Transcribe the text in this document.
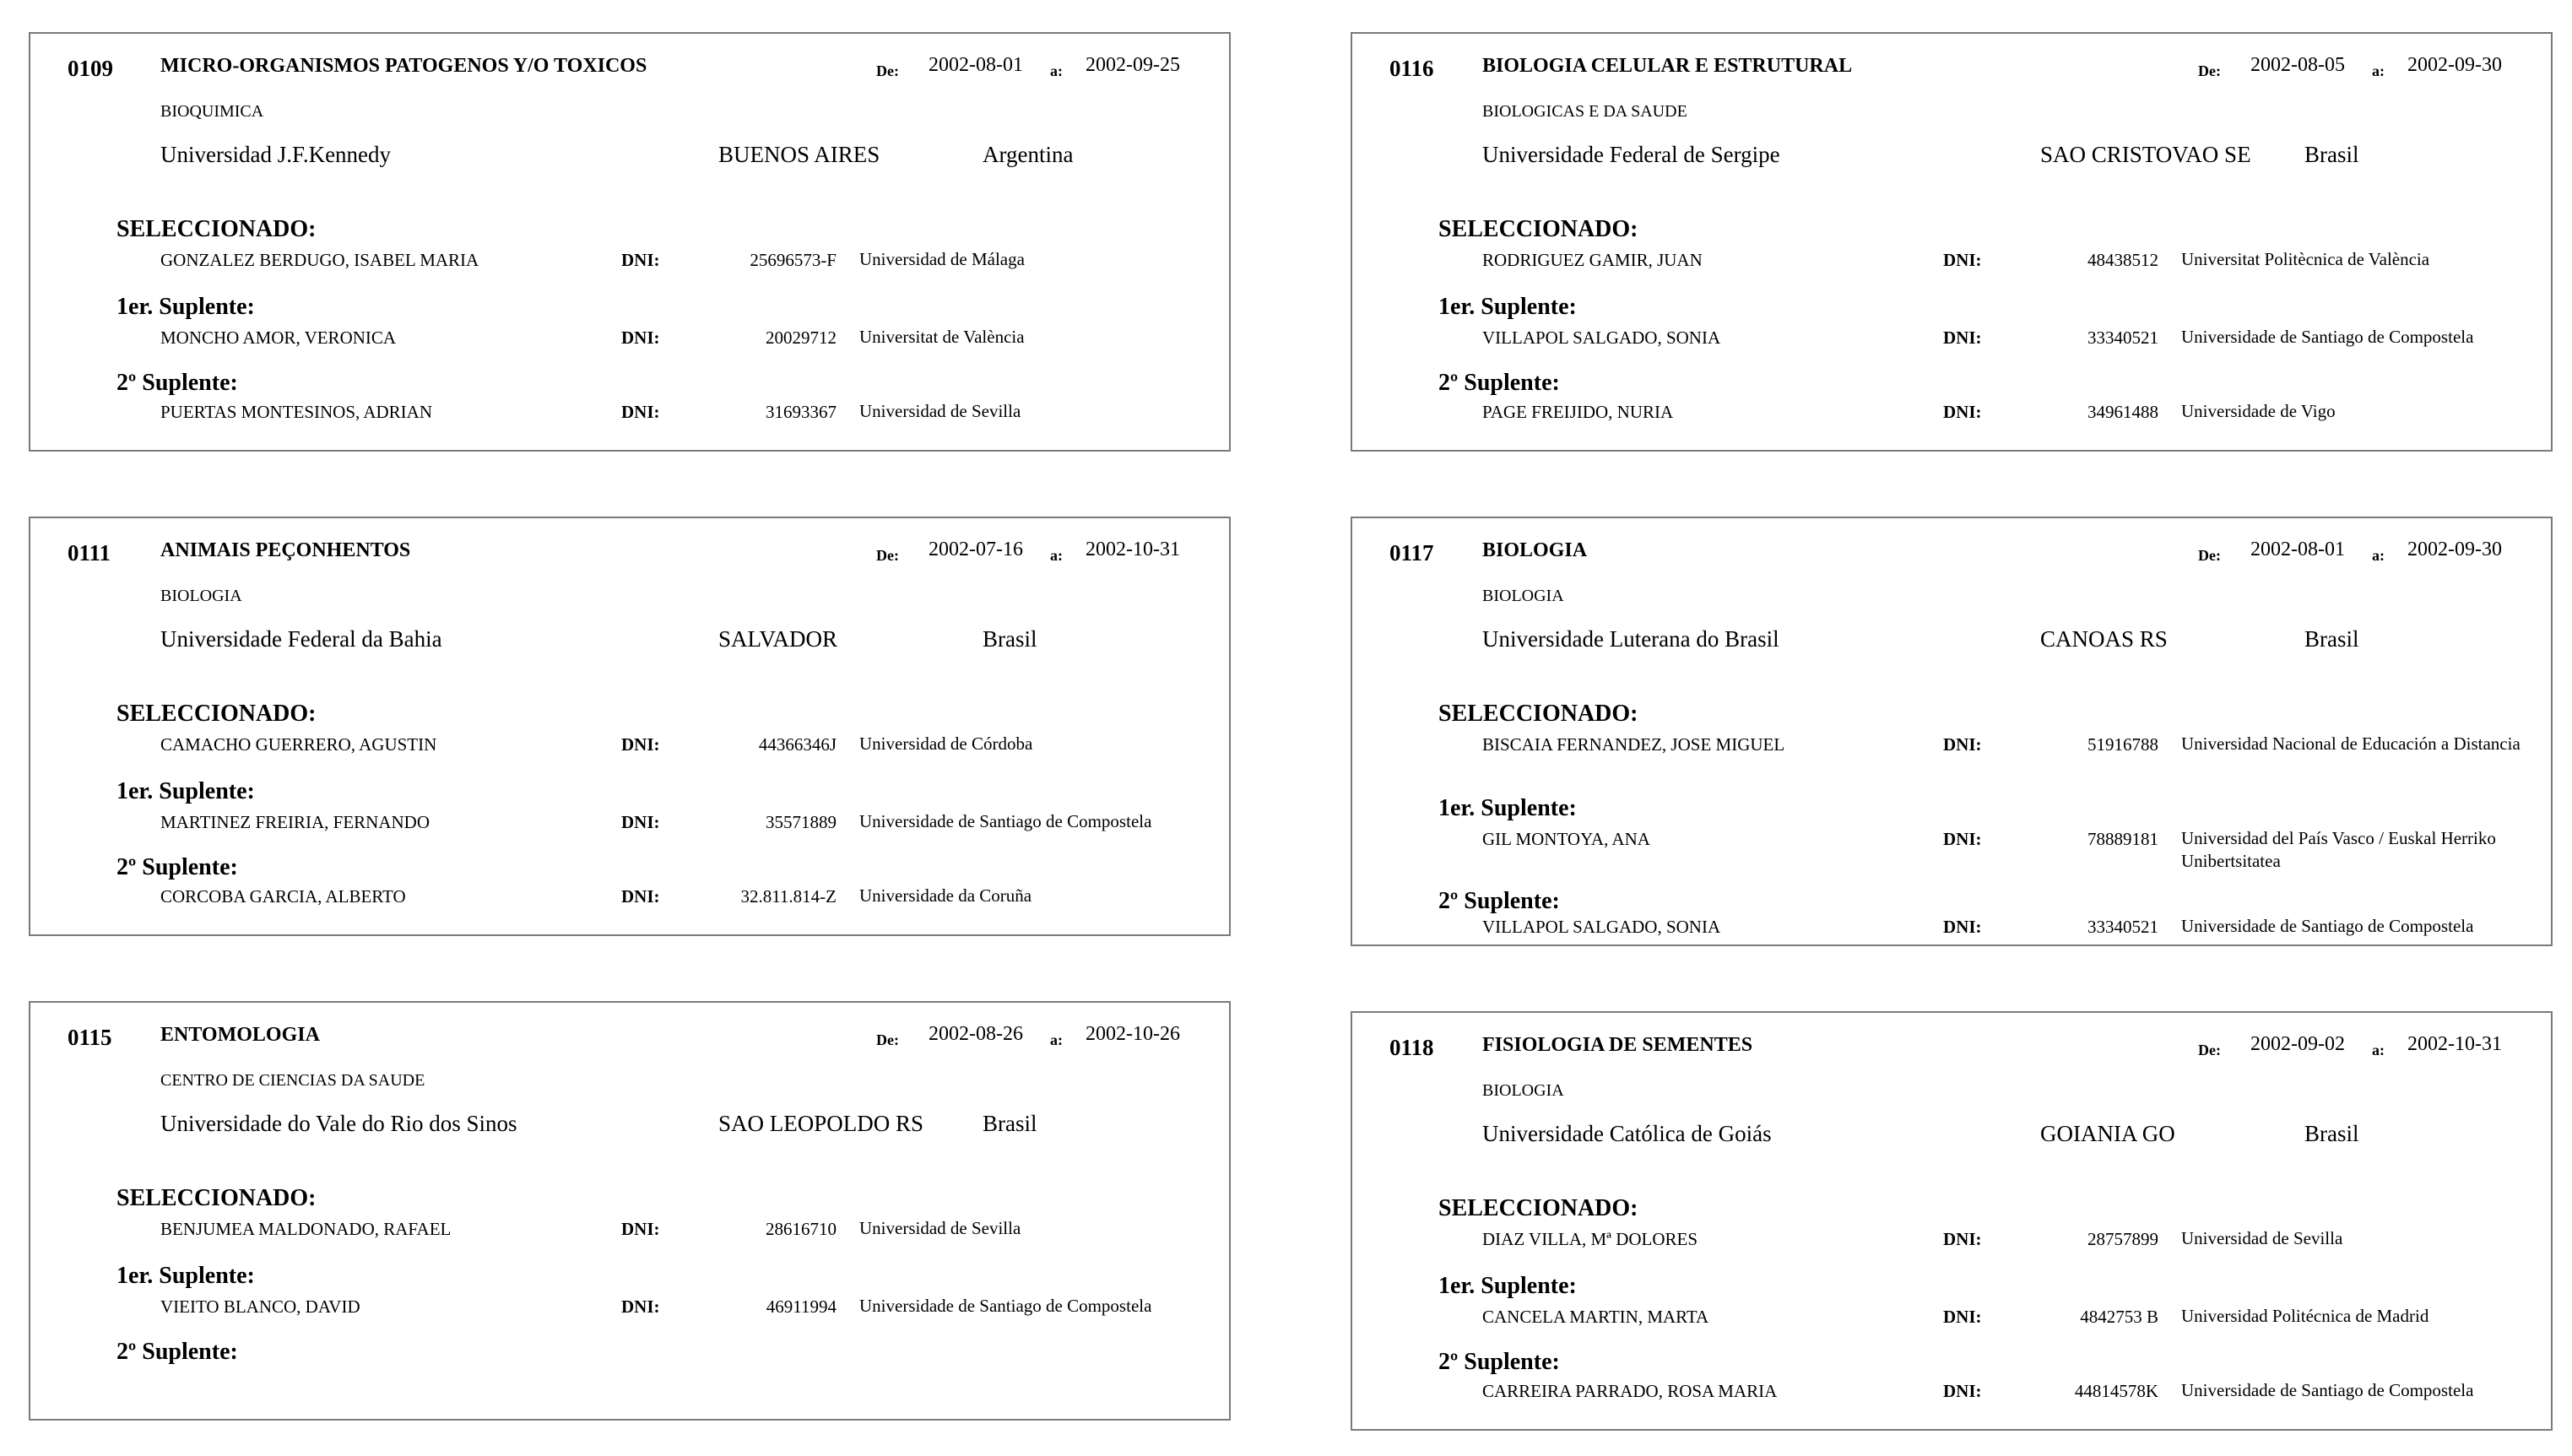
0109 MICRO-ORGANISMOS PATOGENOS Y/O TOXICOS	De: 2002-08-01 a: 2002-09-25
BIOQUIMICA
Universidad J.F.Kennedy	BUENOS AIRES	Argentina
SELECCIONADO:
GONZALEZ BERDUGO, ISABEL MARIA	DNI:	25696573-F Universidad de Málaga
1er. Suplente:
MONCHO AMOR, VERONICA	DNI:	20029712 Universitat de València
2º Suplente:
PUERTAS MONTESINOS, ADRIAN	DNI:	31693367 Universidad de Sevilla
0111 ANIMAIS PEÇONHENTOS	De: 2002-07-16 a: 2002-10-31
BIOLOGIA
Universidade Federal da Bahia	SALVADOR	Brasil
SELECCIONADO:
CAMACHO GUERRERO, AGUSTIN	DNI:	44366346J Universidad de Córdoba
1er. Suplente:
MARTINEZ FREIRIA, FERNANDO	DNI:	35571889 Universidade de Santiago de Compostela
2º Suplente:
CORCOBA GARCIA, ALBERTO	DNI:	32.811.814-Z Universidade da Coruña
0115 ENTOMOLOGIA	De: 2002-08-26 a: 2002-10-26
CENTRO DE CIENCIAS DA SAUDE
Universidade do Vale do Rio dos Sinos	SAO LEOPOLDO RS	Brasil
SELECCIONADO:
BENJUMEA MALDONADO, RAFAEL	DNI:	28616710 Universidad de Sevilla
1er. Suplente:
VIEITO BLANCO, DAVID	DNI:	46911994 Universidade de Santiago de Compostela
2º Suplente:
0116 BIOLOGIA CELULAR E ESTRUTURAL	De: 2002-08-05 a: 2002-09-30
BIOLOGICAS E DA SAUDE
Universidade Federal de Sergipe	SAO CRISTOVAO SE Brasil
SELECCIONADO:
RODRIGUEZ GAMIR, JUAN	DNI:	48438512 Universitat Politècnica de València
1er. Suplente:
VILLAPOL SALGADO, SONIA	DNI:	33340521 Universidade de Santiago de Compostela
2º Suplente:
PAGE FREIJIDO, NURIA	DNI:	34961488 Universidade de Vigo
0117 BIOLOGIA	De: 2002-08-01 a: 2002-09-30
BIOLOGIA
Universidade Luterana do Brasil	CANOAS RS	Brasil
SELECCIONADO:
BISCAIA FERNANDEZ, JOSE MIGUEL	DNI:	51916788 Universidad Nacional de Educación a Distancia
1er. Suplente:
GIL MONTOYA, ANA	DNI:	78889181 Universidad del País Vasco / Euskal Herriko Unibertsitatea
2º Suplente:
VILLAPOL SALGADO, SONIA	DNI:	33340521 Universidade de Santiago de Compostela
0118 FISIOLOGIA DE SEMENTES	De: 2002-09-02 a: 2002-10-31
BIOLOGIA
Universidade Católica de Goiás	GOIANIA GO	Brasil
SELECCIONADO:
DIAZ VILLA, Mª DOLORES	DNI:	28757899 Universidad de Sevilla
1er. Suplente:
CANCELA MARTIN, MARTA	DNI:	4842753 B Universidad Politécnica de Madrid
2º Suplente:
CARREIRA PARRADO, ROSA MARIA	DNI:	44814578K Universidade de Santiago de Compostela
